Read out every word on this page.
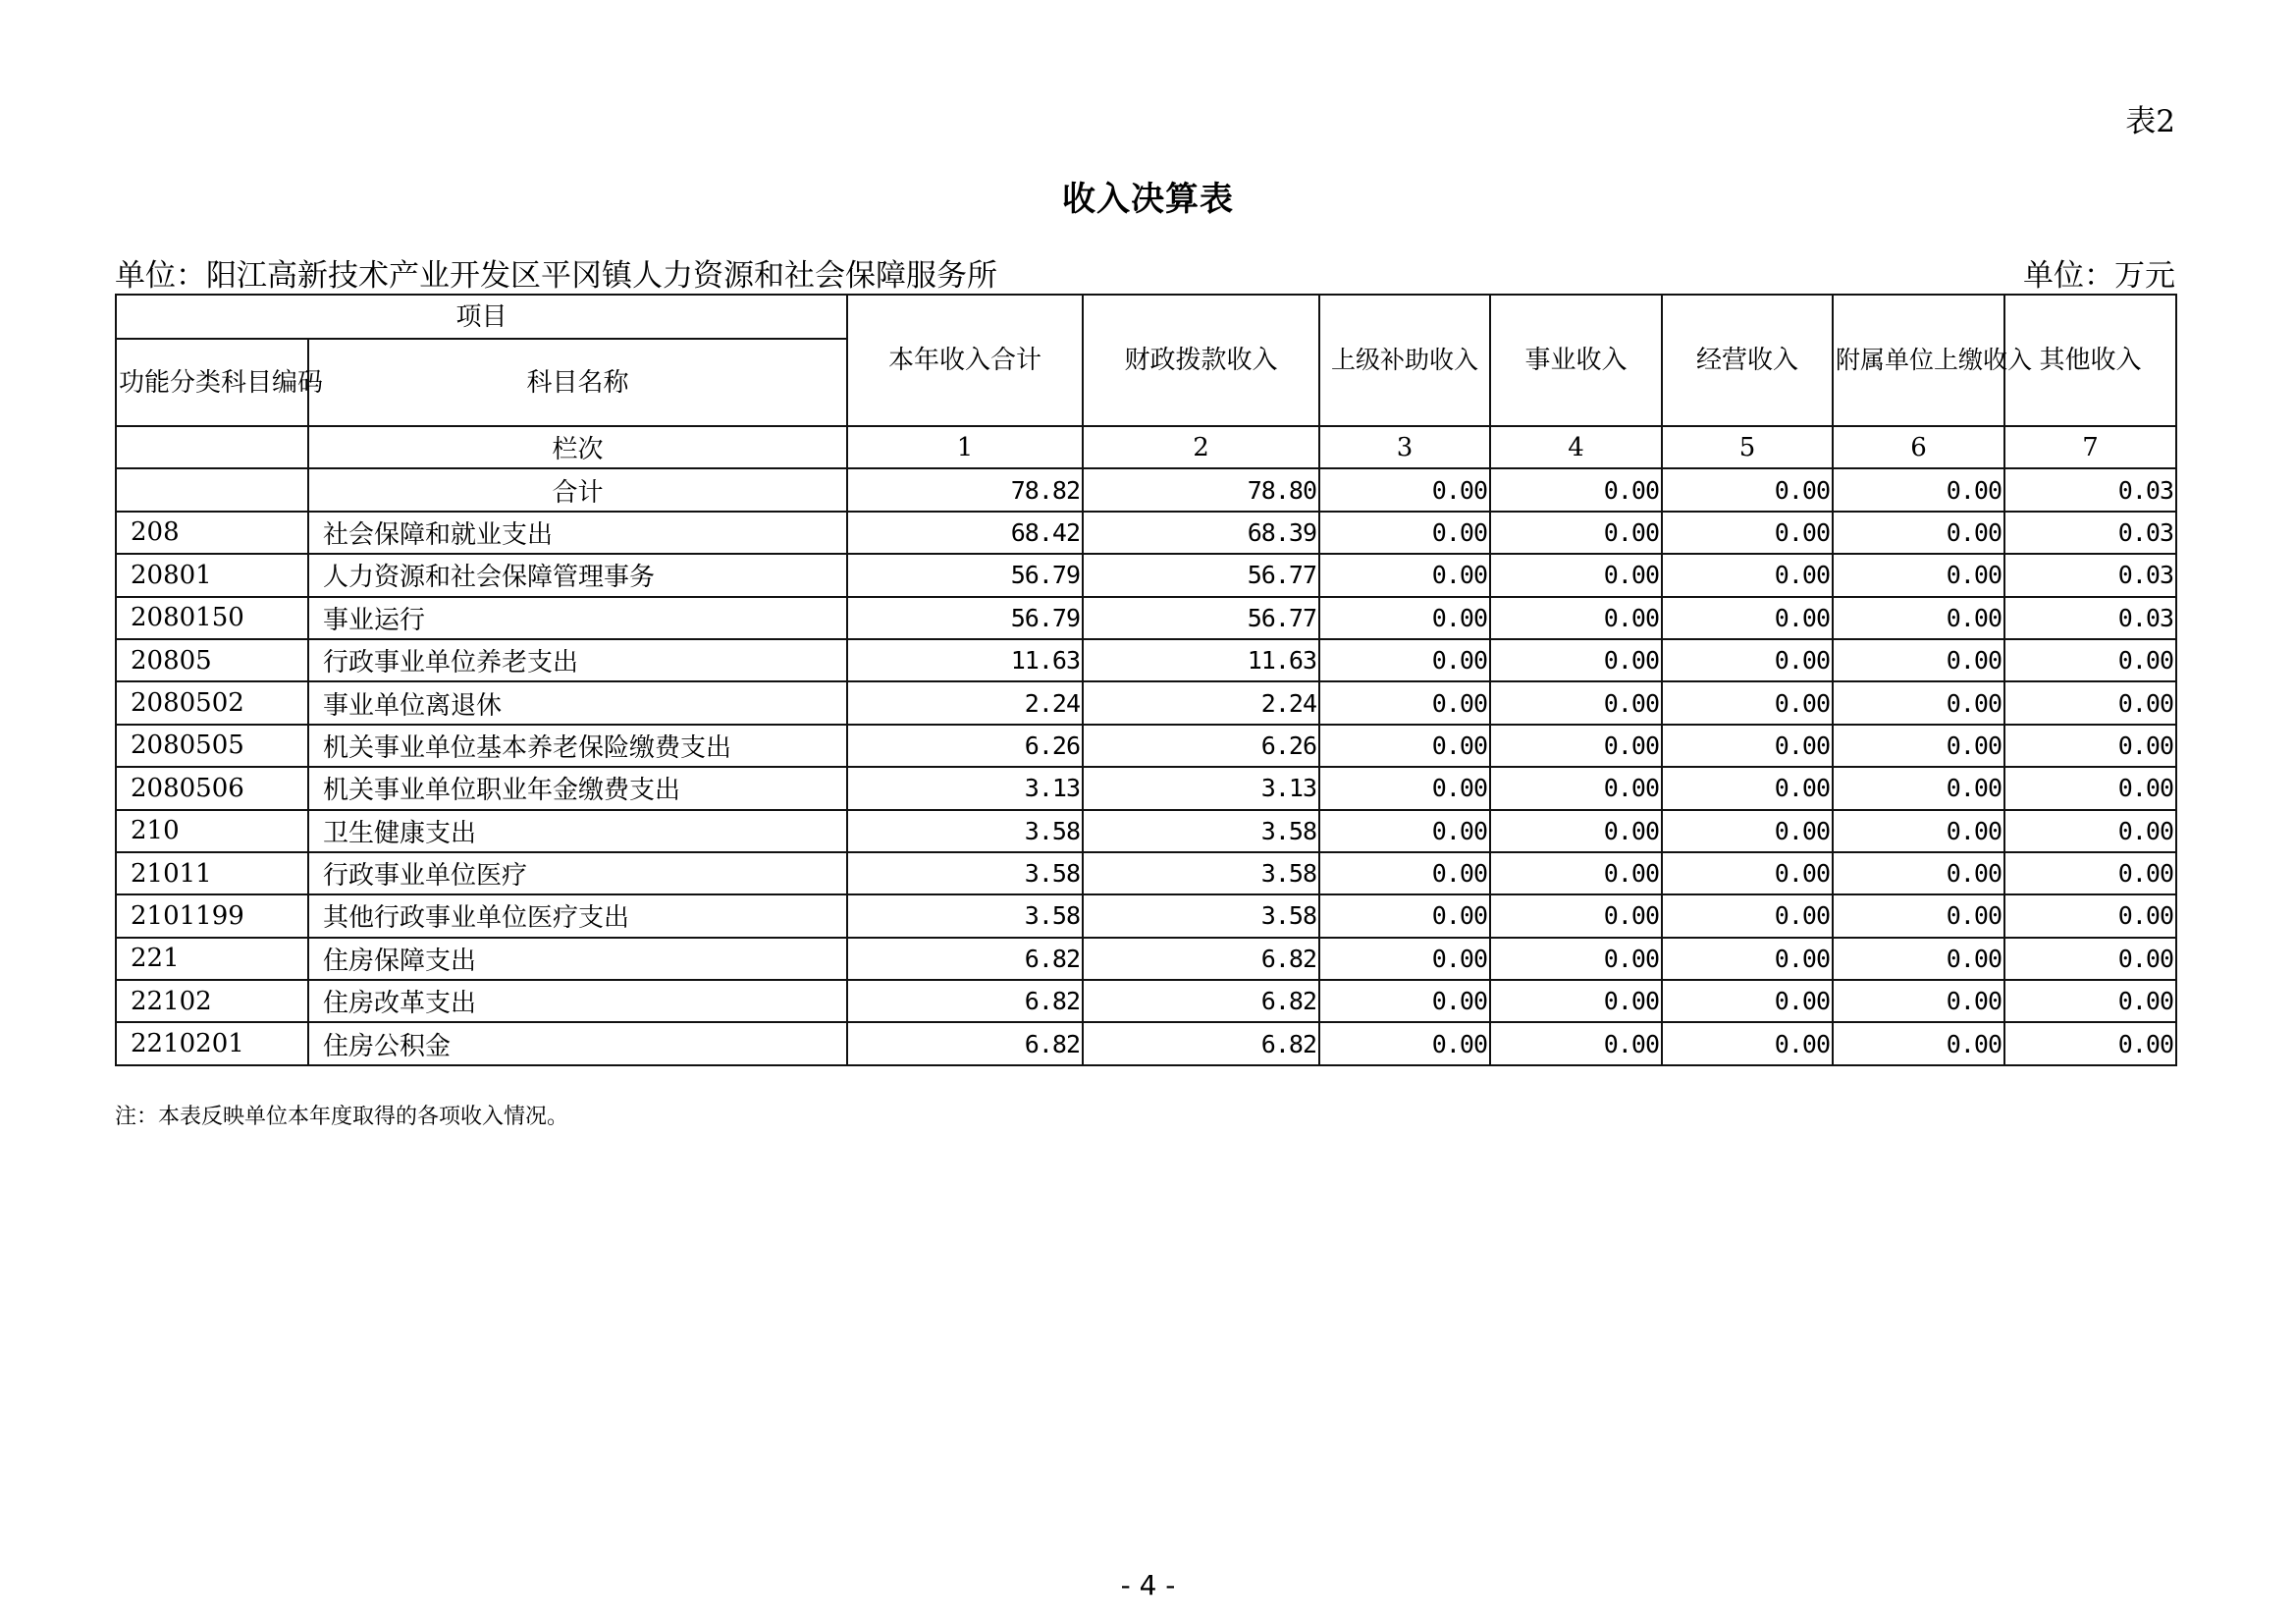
表2
收入决算表
单位：阳江高新技术产业开发区平冈镇人力资源和社会保障服务所	单位：万元
项目		本年收入合计	财政拨款收入	上级补助收入	事业收入	经营收入	附属单位上缴收入	其他收入
功能分类科目编码	科目名称							
	栏次	1	2	3	4	5	6	7
	合计	78.82	78.80	0.00	0.00	0.00	0.00	0.03
208	社会保障和就业支出	68.42	68.39	0.00	0.00	0.00	0.00	0.03
20801	人力资源和社会保障管理事务	56.79	56.77	0.00	0.00	0.00	0.00	0.03
2080150	事业运行	56.79	56.77	0.00	0.00	0.00	0.00	0.03
20805	行政事业单位养老支出	11.63	11.63	0.00	0.00	0.00	0.00	0.00
2080502	事业单位离退休	2.24	2.24	0.00	0.00	0.00	0.00	0.00
2080505	机关事业单位基本养老保险缴费支出	6.26	6.26	0.00	0.00	0.00	0.00	0.00
2080506	机关事业单位职业年金缴费支出	3.13	3.13	0.00	0.00	0.00	0.00	0.00
210	卫生健康支出	3.58	3.58	0.00	0.00	0.00	0.00	0.00
21011	行政事业单位医疗	3.58	3.58	0.00	0.00	0.00	0.00	0.00
2101199	其他行政事业单位医疗支出	3.58	3.58	0.00	0.00	0.00	0.00	0.00
221	住房保障支出	6.82	6.82	0.00	0.00	0.00	0.00	0.00
22102	住房改革支出	6.82	6.82	0.00	0.00	0.00	0.00	0.00
2210201	住房公积金	6.82	6.82	0.00	0.00	0.00	0.00	0.00
注：本表反映单位本年度取得的各项收入情况。
- 4 -
